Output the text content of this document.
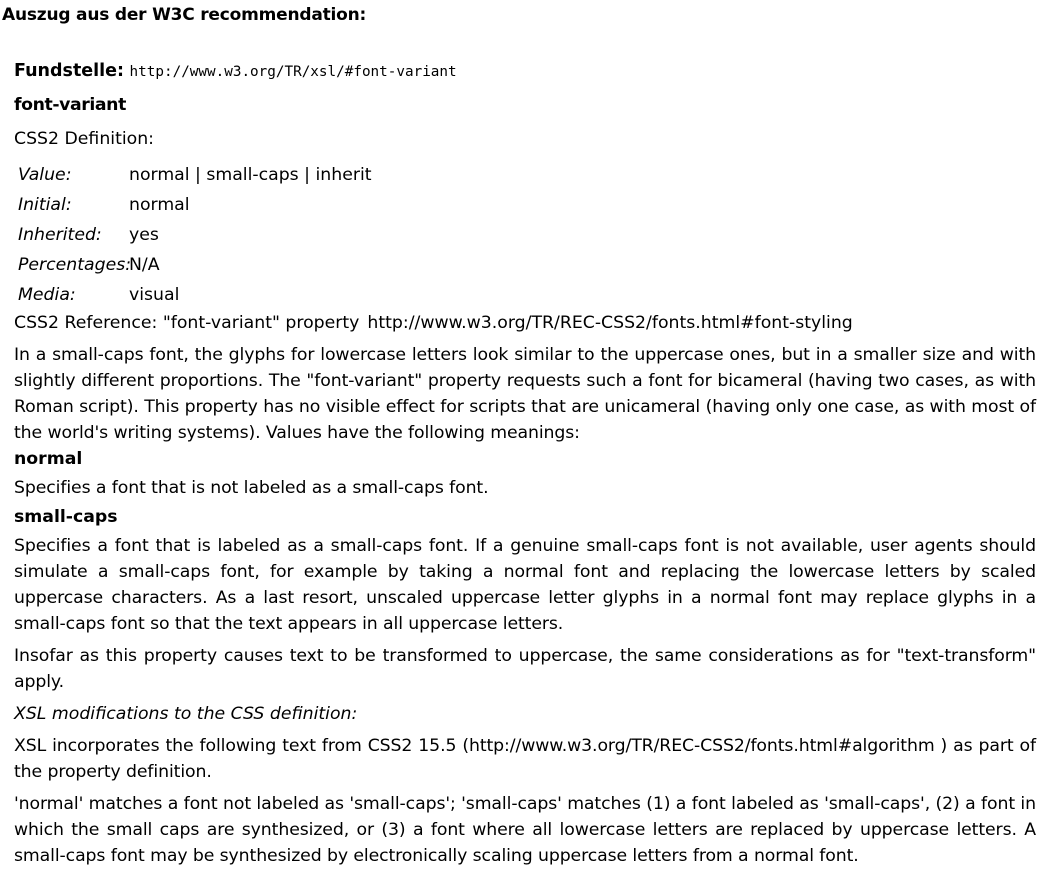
Auszug aus der W3C recommendation:
Fundstelle: http://www.w3.org/TR/xsl/#font-variant
font-variant
CSS2 Definition:
Value:	normal | small-caps | inherit
Initial:	normal
Inherited: yes
Percentages:N/A
Media:	visual
CSS2 Reference: "font-variant" property http://www.w3.org/TR/REC-CSS2/fonts.html#font-styling
In a small-caps font, the glyphs for lowercase letters look similar to the uppercase ones, but in a smaller size and with slightly different proportions. The "font-variant" property requests such a font for bicameral (having two cases, as with Roman script). This property has no visible effect for scripts that are unicameral (having only one case, as with most of the world's writing systems). Values have the following meanings:
normal
Specifies a font that is not labeled as a small-caps font.
small-caps
Specifies a font that is labeled as a small-caps font. If a genuine small-caps font is not available, user agents should simulate a small-caps font, for example by taking a normal font and replacing the lowercase letters by scaled uppercase characters. As a last resort, unscaled uppercase letter glyphs in a normal font may replace glyphs in a small-caps font so that the text appears in all uppercase letters.
Insofar as this property causes text to be transformed to uppercase, the same considerations as for "text-transform" apply.
XSL modifications to the CSS definition:
XSL incorporates the following text from CSS2 15.5 (http://www.w3.org/TR/REC-CSS2/fonts.html#algorithm ) as part of the property definition.
'normal' matches a font not labeled as 'small-caps'; 'small-caps' matches (1) a font labeled as 'small-caps', (2) a font in which the small caps are synthesized, or (3) a font where all lowercase letters are replaced by uppercase letters. A small-caps font may be synthesized by electronically scaling uppercase letters from a normal font.
